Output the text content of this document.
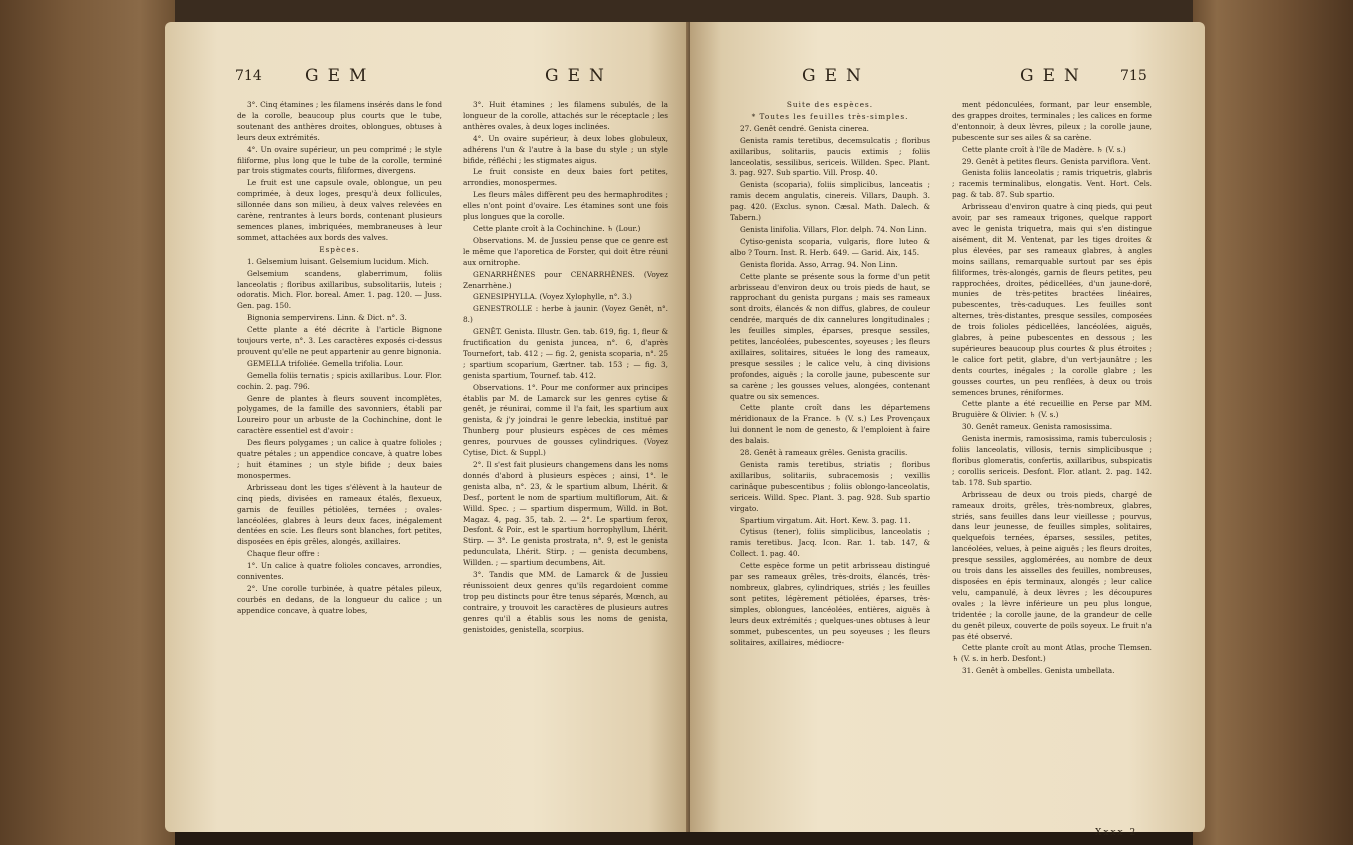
714	GEM	GEN

3°. Cinq étamines ; les filamens insérés dans le fond de la corolle, beaucoup plus courts que le tube, soutenant des anthères droites, oblongues, obtuses à leurs deux extrémités.

4°. Un ovaire supérieur, un peu comprimé ; le style filiforme, plus long que le tube de la corolle, terminé par trois stigmates courts, filiformes, divergens.

Le fruit est une capsule ovale, oblongue, un peu comprimée, à deux loges, presqu'à deux follicules, sillonnée dans son milieu, à deux valves relevées en carène, rentrantes à leurs bords, contenant plusieurs semences planes, imbriquées, membraneuses à leur sommet, attachées aux bords des valves.

Espèces.

1. Gelsemium luisant. Gelsemium lucidum. Mich.

Gelsemium scandens, glaberrimum, foliis lanceolatis ; floribus axillaribus, subsolitariis, luteis ; odoratis. Mich. Flor. boreal. Amer. 1. pag. 120. — Juss. Gen. pag. 150.

Bignonia sempervirens. Linn. & Dict. n°. 3.

Cette plante a été décrite à l'article Bignone toujours verte, n°. 3. Les caractères exposés ci-dessus prouvent qu'elle ne peut appartenir au genre bignonia.

GEMELLA trifoliée. Gemella trifolia. Lour.

Gemella foliis ternatis ; spicis axillaribus. Lour. Flor. cochin. 2. pag. 796.

Genre de plantes à fleurs souvent incomplètes, polygames, de la famille des savonniers, établi par Loureiro pour un arbuste de la Cochinchine, dont le caractère essentiel est d'avoir :

Des fleurs polygames ; un calice à quatre folioles ; quatre pétales ; un appendice concave, à quatre lobes ; huit étamines ; un style bifide ; deux baies monospermes.

Arbrisseau dont les tiges s'élèvent à la hauteur de cinq pieds, divisées en rameaux étalés, flexueux, garnis de feuilles pétiolées, ternées ; ovales-lancéolées, glabres à leurs deux faces, inégalement dentées en scie. Les fleurs sont blanches, fort petites, disposées en épis grêles, alongés, axillaires.

Chaque fleur offre :

1°. Un calice à quatre folioles concaves, arrondies, conniventes.

2°. Une corolle turbinée, à quatre pétales pileux, courbés en dedans, de la longueur du calice ; un appendice concave, à quatre lobes,

3°. Huit étamines ; les filamens subulés, de la longueur de la corolle, attachés sur le réceptacle ; les anthères ovales, à deux loges inclinées.

4°. Un ovaire supérieur, à deux lobes globuleux, adhérens l'un & l'autre à la base du style ; un style bifide, réfléchi ; les stigmates aigus.

Le fruit consiste en deux baies fort petites, arrondies, monospermes.

Les fleurs mâles diffèrent peu des hermaphrodites ; elles n'ont point d'ovaire. Les étamines sont une fois plus longues que la corolle.

Cette plante croît à la Cochinchine. ♄ (Lour.)

Observations. M. de Jussieu pense que ce genre est le même que l'aporetica de Forster, qui doit être réuni aux ornitrophe.

GENARRHÈNES pour CENARRHÈNES. (Voyez Zenarrhène.)

GENESIPHYLLA. (Voyez Xylophylle, n°. 3.)

GENESTROLLE : herbe à jaunir. (Voyez Genêt, n°. 8.)

GENÊT. Genista. Illustr. Gen. tab. 619, fig. 1, fleur & fructification du genista juncea, n°. 6, d'après Tournefort, tab. 412 ; — fig. 2, genista scoparia, n°. 25 ; spartium scoparium, Gærtner. tab. 153 ; — fig. 3, genista spartium, Tournef. tab. 412.

Observations. 1°. Pour me conformer aux principes établis par M. de Lamarck sur les genres cytise & genêt, je réunirai, comme il l'a fait, les spartium aux genista, & j'y joindrai le genre lebeckia, institué par Thunberg pour plusieurs espèces de ces mêmes genres, pourvues de gousses cylindriques. (Voyez Cytise, Dict. & Suppl.)

2°. Il s'est fait plusieurs changemens dans les noms donnés d'abord à plusieurs espèces ; ainsi, 1°. le genista alba, n°. 23, & le spartium album, Lhérit. & Desf., portent le nom de spartium multiflorum, Ait. & Willd. Spec. ; — spartium dispermum, Willd. in Bot. Magaz. 4, pag. 35, tab. 2. — 2°. Le spartium ferox, Desfont. & Poir., est le spartium horrophyllum, Lhérit. Stirp. — 3°. Le genista prostrata, n°. 9, est le genista pedunculata, Lhérit. Stirp. ; — genista decumbens, Willden. ; — spartium decumbens, Ait.

3°. Tandis que MM. de Lamarck & de Jussieu réunissoient deux genres qu'ils regardoient comme trop peu distincts pour être tenus séparés, Mœnch, au contraire, y trouvoit les caractères de plusieurs autres genres qu'il a établis sous les noms de genista, genistoides, genistella, scorpius.

GEN	GEN 715

Suite des espèces.

* Toutes les feuilles très-simples.

27. Genêt cendré. Genista cinerea.

Genista ramis teretibus, decemsulcatis ; floribus axillaribus, solitariis, paucis extimis ; foliis lanceolatis, sessilibus, sericeis. Willden. Spec. Plant. 3. pag. 927. Sub spartio. Vill. Prosp. 40.

Genista (scoparia), foliis simplicibus, lanceatis ; ramis decem angulatis, cinereis. Villars, Dauph. 3. pag. 420. (Exclus. synon. Cæsal. Math. Dalech. & Tabern.)

Genista linifolia. Villars, Flor. delph. 74. Non Linn.

Cytiso-genista scoparia, vulgaris, flore luteo & albo ? Tourn. Inst. R. Herb. 649. — Garid. Aix, 145.

Genista florida. Asso, Arrag. 94. Non Linn.

Cette plante se présente sous la forme d'un petit arbrisseau d'environ deux ou trois pieds de haut, se rapprochant du genista purgans ; mais ses rameaux sont droits, élancés & non diffus, glabres, de couleur cendrée, marqués de dix cannelures longitudinales ; les feuilles simples, éparses, presque sessiles, petites, lancéolées, pubescentes, soyeuses ; les fleurs axillaires, solitaires, situées le long des rameaux, presque sessiles ; le calice velu, à cinq divisions profondes, aiguës ; la corolle jaune, pubescente sur sa carène ; les gousses velues, alongées, contenant quatre ou six semences.

Cette plante croît dans les départemens méridionaux de la France. ♄ (V. s.) Les Provençaux lui donnent le nom de genesto, & l'emploient à faire des balais.

28. Genêt à rameaux grêles. Genista gracilis.

Genista ramis teretibus, striatis ; floribus axillaribus, solitariis, subracemosis ; vexillis carinâque pubescentibus ; foliis oblongo-lanceolatis, sericeis. Willd. Spec. Plant. 3. pag. 928. Sub spartio virgato.

Spartium virgatum. Ait. Hort. Kew. 3. pag. 11.

Cytisus (tener), foliis simplicibus, lanceolatis ; ramis teretibus. Jacq. Icon. Rar. 1. tab. 147, & Collect. 1. pag. 40.

Cette espèce forme un petit arbrisseau distingué par ses rameaux grêles, très-droits, élancés, très-nombreux, glabres, cylindriques, striés ; les feuilles sont petites, légèrement pétiolées, éparses, très-simples, oblongues, lancéolées, entières, aiguës à leurs deux extrémités ; quelques-unes obtuses à leur sommet, pubescentes, un peu soyeuses ; les fleurs solitaires, axillaires, médiocre-

ment pédonculées, formant, par leur ensemble, des grappes droites, terminales ; les calices en forme d'entonnoir, à deux lèvres, pileux ; la corolle jaune, pubescente sur ses ailes & sa carène.

Cette plante croît à l'île de Madère. ♄ (V. s.)

29. Genêt à petites fleurs. Genista parviflora. Vent.

Genista foliis lanceolatis ; ramis triquetris, glabris ; racemis terminalibus, elongatis. Vent. Hort. Cels. pag. & tab. 87. Sub spartio.

Arbrisseau d'environ quatre à cinq pieds, qui peut avoir, par ses rameaux trigones, quelque rapport avec le genista triquetra, mais qui s'en distingue aisément, dit M. Ventenat, par les tiges droites & plus élevées, par ses rameaux glabres, à angles moins saillans, remarquable surtout par ses épis filiformes, très-alongés, garnis de fleurs petites, peu rapprochées, droites, pédicellées, d'un jaune-doré, munies de très-petites bractées linéaires, pubescentes, très-caduques. Les feuilles sont alternes, très-distantes, presque sessiles, composées de trois folioles pédicellées, lancéolées, aiguës, glabres, à peine pubescentes en dessous ; les supérieures beaucoup plus courtes & plus étroites ; le calice fort petit, glabre, d'un vert-jaunâtre ; les dents courtes, inégales ; la corolle glabre ; les gousses courtes, un peu renflées, à deux ou trois semences brunes, réniformes.

Cette plante a été recueillie en Perse par MM. Bruguière & Olivier. ♄ (V. s.)

30. Genêt rameux. Genista ramosissima.

Genista inermis, ramosissima, ramis tuberculosis ; foliis lanceolatis, villosis, ternis simplicibusque ; floribus glomeratis, confertis, axillaribus, subspicatis ; corollis sericeis. Desfont. Flor. atlant. 2. pag. 142. tab. 178. Sub spartio.

Arbrisseau de deux ou trois pieds, chargé de rameaux droits, grêles, très-nombreux, glabres, striés, sans feuilles dans leur vieillesse ; pourvus, dans leur jeunesse, de feuilles simples, solitaires, quelquefois ternées, éparses, sessiles, petites, lancéolées, velues, à peine aiguës ; les fleurs droites, presque sessiles, agglomérées, au nombre de deux ou trois dans les aisselles des feuilles, nombreuses, disposées en épis terminaux, alongés ; leur calice velu, campanulé, à deux lèvres ; les découpures ovales ; la lèvre inférieure un peu plus longue, tridentée ; la corolle jaune, de la grandeur de celle du genêt pileux, couverte de poils soyeux. Le fruit n'a pas été observé.

Cette plante croît au mont Atlas, proche Tlemsen. ♄ (V. s. in herb. Desfont.)

31. Genêt à ombelles. Genista umbellata.

Xxxx 2
